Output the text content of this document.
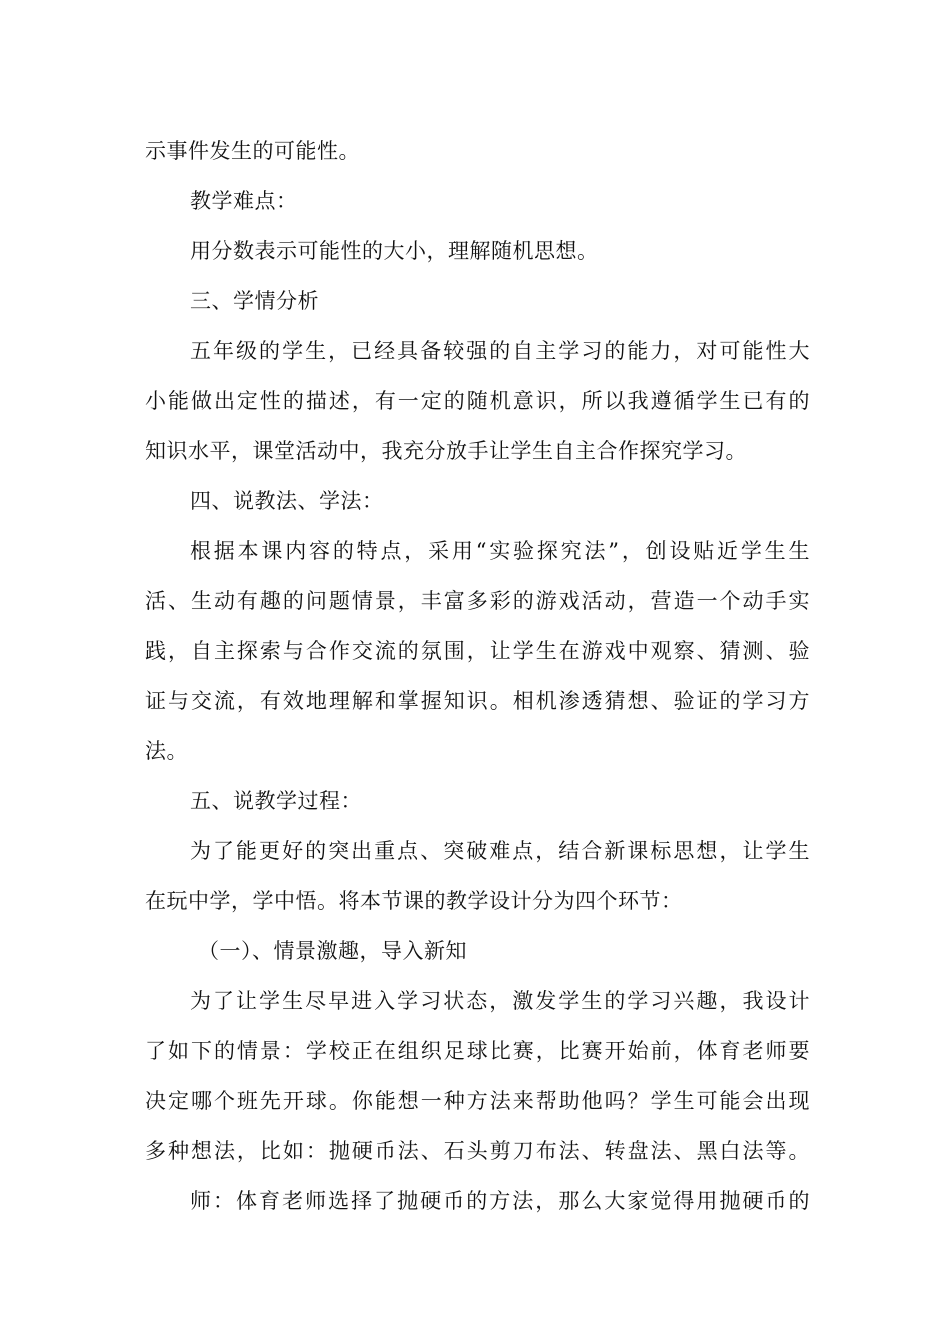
示事件发生的可能性。
教学难点：
用分数表示可能性的大小，理解随机思想。
三、学情分析
五年级的学生，已经具备较强的自主学习的能力，对可能性大
小能做出定性的描述，有一定的随机意识，所以我遵循学生已有的
知识水平，课堂活动中，我充分放手让学生自主合作探究学习。
四、说教法、学法：
根据本课内容的特点，采用“实验探究法”，创设贴近学生生
活、生动有趣的问题情景，丰富多彩的游戏活动，营造一个动手实
践，自主探索与合作交流的氛围，让学生在游戏中观察、猜测、验
证与交流，有效地理解和掌握知识。相机渗透猜想、验证的学习方
法。
五、说教学过程：
为了能更好的突出重点、突破难点，结合新课标思想，让学生
在玩中学，学中悟。将本节课的教学设计分为四个环节：
（一）、情景激趣，导入新知
为了让学生尽早进入学习状态，激发学生的学习兴趣，我设计
了如下的情景：学校正在组织足球比赛，比赛开始前，体育老师要
决定哪个班先开球。你能想一种方法来帮助他吗？学生可能会出现
多种想法，比如：抛硬币法、石头剪刀布法、转盘法、黑白法等。
师：体育老师选择了抛硬币的方法，那么大家觉得用抛硬币的
